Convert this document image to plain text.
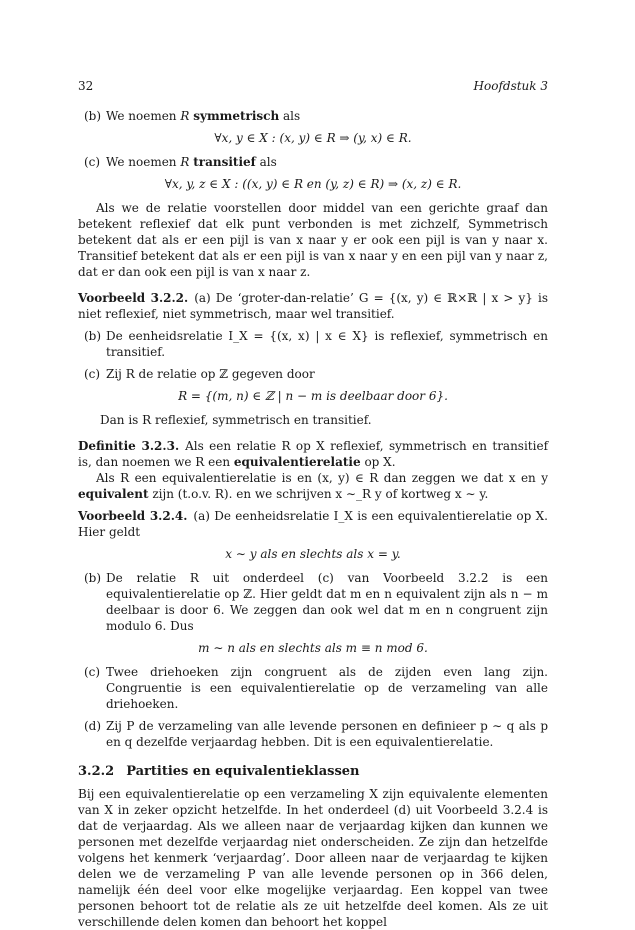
32	Hoofdstuk 3
(b) We noemen R symmetrisch als
∀x, y ∈ X : (x, y) ∈ R ⇒ (y, x) ∈ R.
(c) We noemen R transitief als
∀x, y, z ∈ X : ((x, y) ∈ R en (y, z) ∈ R) ⇒ (x, z) ∈ R.

Als we de relatie voorstellen door middel van een gerichte graaf dan betekent reflexief dat elk punt verbonden is met zichzelf, Symmetrisch betekent dat als er een pijl is van x naar y er ook een pijl is van y naar x. Transitief betekent dat als er een pijl is van x naar y en een pijl van y naar z, dat er dan ook een pijl is van x naar z.

Voorbeeld 3.2.2. (a) De ‘groter-dan-relatie’ G = {(x, y) ∈ ℝ×ℝ | x > y} is niet reflexief, niet symmetrisch, maar wel transitief.

(b) De eenheidsrelatie I_X = {(x, x) | x ∈ X} is reflexief, symmetrisch en transitief.
(c) Zij R de relatie op ℤ gegeven door
R = {(m, n) ∈ ℤ | n − m is deelbaar door 6}.

Dan is R reflexief, symmetrisch en transitief.

Definitie 3.2.3. Als een relatie R op X reflexief, symmetrisch en transitief is, dan noemen we R een equivalentierelatie op X.

Als R een equivalentierelatie is en (x, y) ∈ R dan zeggen we dat x en y equivalent zijn (t.o.v. R). en we schrijven x ∼_R y of kortweg x ∼ y.

Voorbeeld 3.2.4. (a) De eenheidsrelatie I_X is een equivalentierelatie op X. Hier geldt

x ∼ y als en slechts als x = y.
(b) De relatie R uit onderdeel (c) van Voorbeeld 3.2.2 is een equivalentierelatie op ℤ. Hier geldt dat m en n equivalent zijn als n − m deelbaar is door 6. We zeggen dan ook wel dat m en n congruent zijn modulo 6. Dus
m ∼ n als en slechts als m ≡ n mod 6.
(c) Twee driehoeken zijn congruent als de zijden even lang zijn. Congruentie is een equivalentierelatie op de verzameling van alle driehoeken.
(d) Zij P de verzameling van alle levende personen en definieer p ∼ q als p en q dezelfde verjaardag hebben. Dit is een equivalentierelatie.

3.2.2 Partities en equivalentieklassen

Bij een equivalentierelatie op een verzameling X zijn equivalente elementen van X in zeker opzicht hetzelfde. In het onderdeel (d) uit Voorbeeld 3.2.4 is dat de verjaardag. Als we alleen naar de verjaardag kijken dan kunnen we personen met dezelfde verjaardag niet onderscheiden. Ze zijn dan hetzelfde volgens het kenmerk ‘verjaardag’. Door alleen naar de verjaardag te kijken delen we de verzameling P van alle levende personen op in 366 delen, namelijk één deel voor elke mogelijke verjaardag. Een koppel van twee personen behoort tot de relatie als ze uit hetzelfde deel komen. Als ze uit verschillende delen komen dan behoort het koppel
